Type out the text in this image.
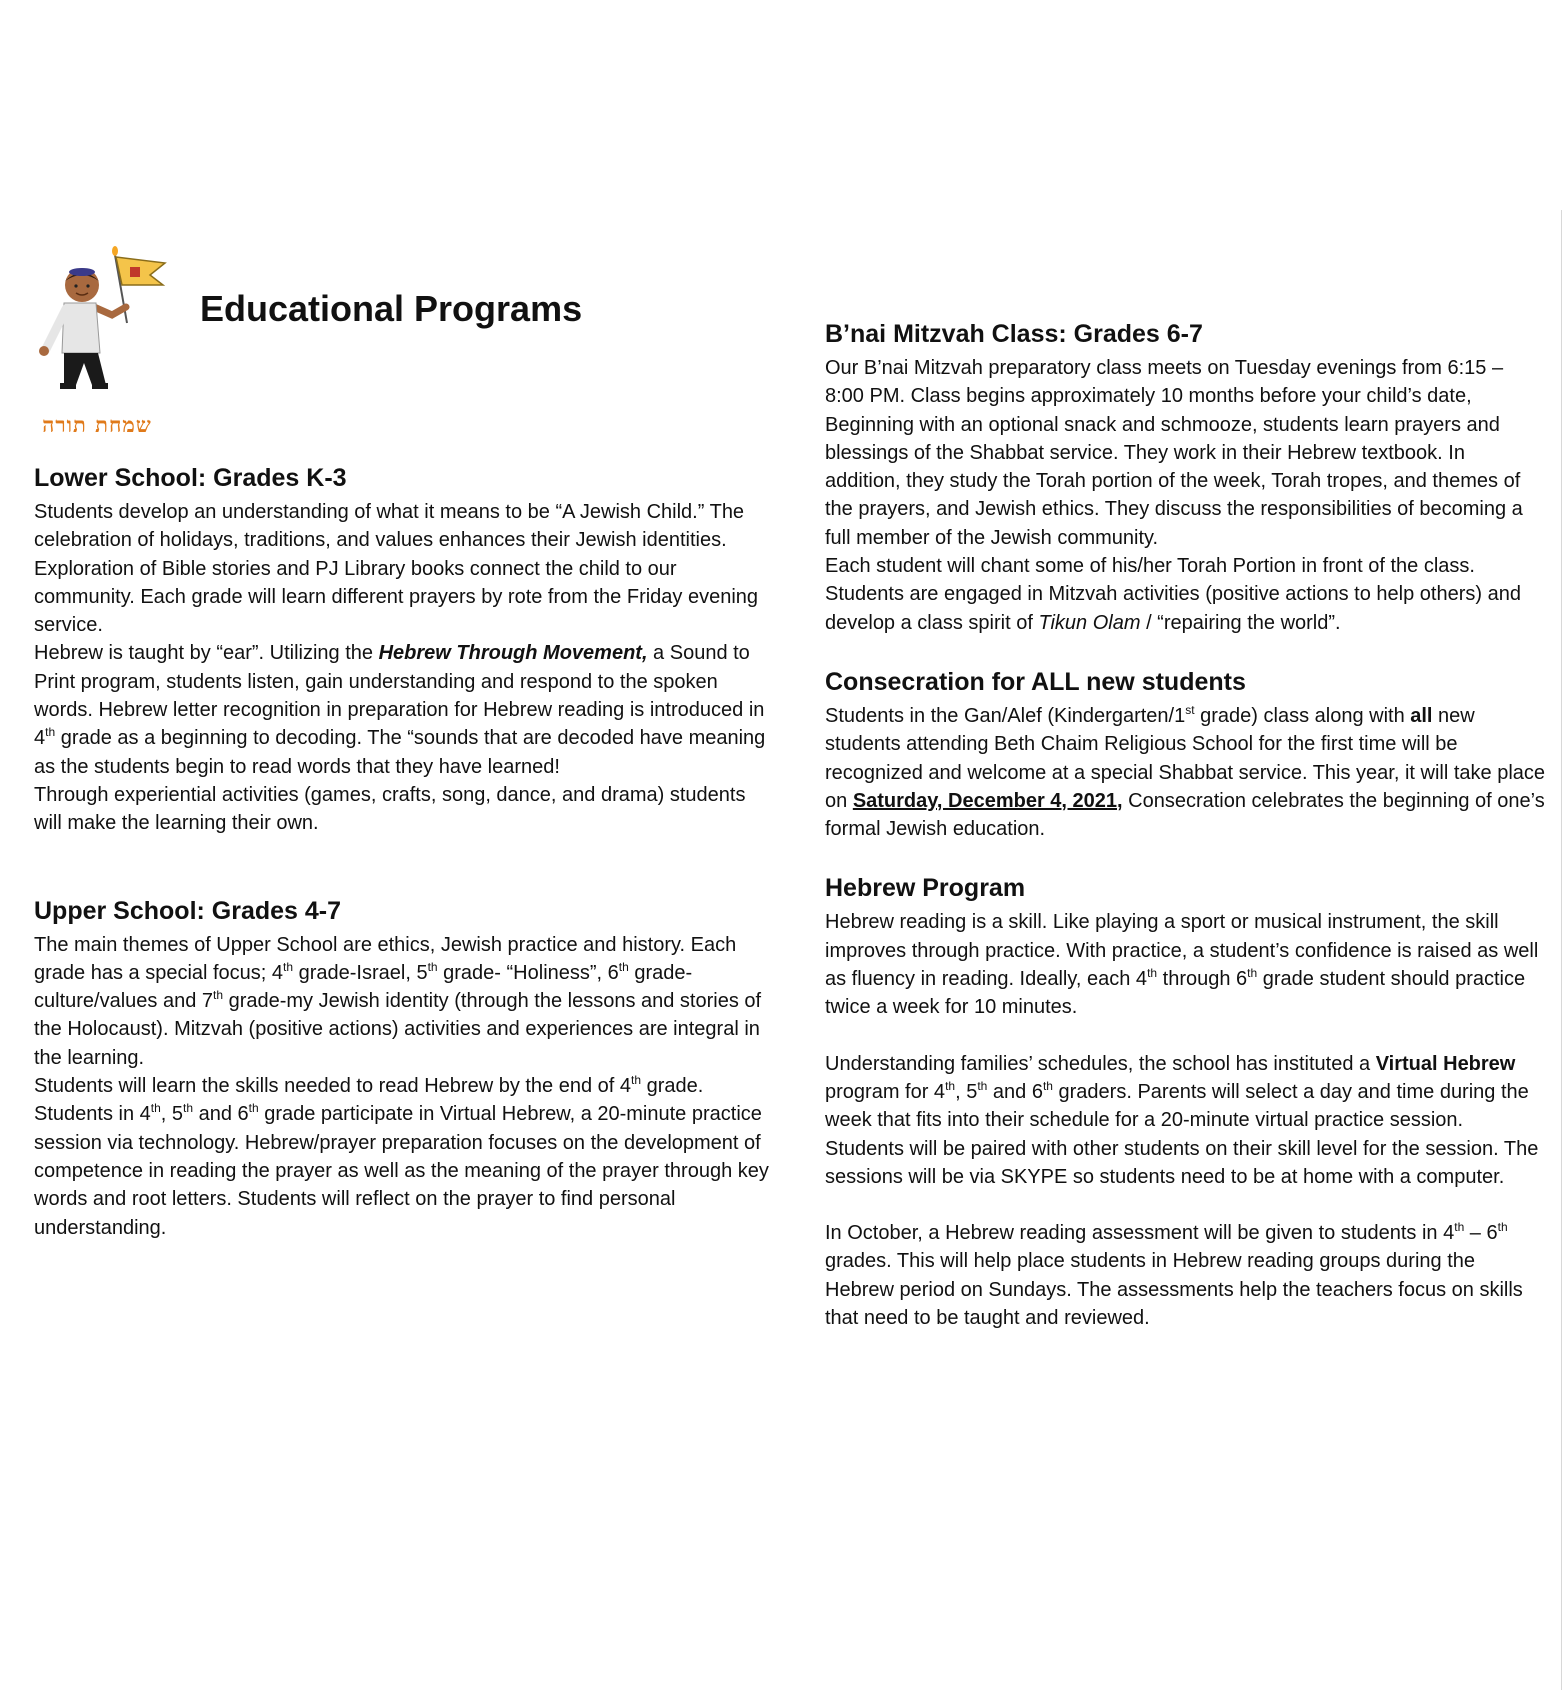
שמחת תורה
Educational Programs
Lower School: Grades K-3

Students develop an understanding of what it means to be “A Jewish Child.” The celebration of holidays, traditions, and values enhances their Jewish identities. Exploration of Bible stories and PJ Library books connect the child to our community. Each grade will learn different prayers by rote from the Friday evening service.

Hebrew is taught by “ear”. Utilizing the Hebrew Through Movement, a Sound to Print program, students listen, gain understanding and respond to the spoken words. Hebrew letter recognition in preparation for Hebrew reading is introduced in 4th grade as a beginning to decoding. The “sounds that are decoded have meaning as the students begin to read words that they have learned!

Through experiential activities (games, crafts, song, dance, and drama) students will make the learning their own.

Upper School: Grades 4-7

The main themes of Upper School are ethics, Jewish practice and history. Each grade has a special focus; 4th grade-Israel, 5th grade- “Holiness”, 6th grade-culture/values and 7th grade-my Jewish identity (through the lessons and stories of the Holocaust). Mitzvah (positive actions) activities and experiences are integral in the learning.

Students will learn the skills needed to read Hebrew by the end of 4th grade. Students in 4th, 5th and 6th grade participate in Virtual Hebrew, a 20-minute practice session via technology. Hebrew/prayer preparation focuses on the development of competence in reading the prayer as well as the meaning of the prayer through key words and root letters. Students will reflect on the prayer to find personal understanding.

B’nai Mitzvah Class: Grades 6-7

Our B’nai Mitzvah preparatory class meets on Tuesday evenings from 6:15 – 8:00 PM. Class begins approximately 10 months before your child’s date, Beginning with an optional snack and schmooze, students learn prayers and blessings of the Shabbat service. They work in their Hebrew textbook. In addition, they study the Torah portion of the week, Torah tropes, and themes of the prayers, and Jewish ethics. They discuss the responsibilities of becoming a full member of the Jewish community.

Each student will chant some of his/her Torah Portion in front of the class. Students are engaged in Mitzvah activities (positive actions to help others) and develop a class spirit of Tikun Olam / “repairing the world”.

Consecration for ALL new students

Students in the Gan/Alef (Kindergarten/1st grade) class along with all new students attending Beth Chaim Religious School for the first time will be recognized and welcome at a special Shabbat service. This year, it will take place on Saturday, December 4, 2021, Consecration celebrates the beginning of one’s formal Jewish education.

Hebrew Program

Hebrew reading is a skill. Like playing a sport or musical instrument, the skill improves through practice. With practice, a student’s confidence is raised as well as fluency in reading. Ideally, each 4th through 6th grade student should practice twice a week for 10 minutes.

Understanding families’ schedules, the school has instituted a Virtual Hebrew program for 4th, 5th and 6th graders. Parents will select a day and time during the week that fits into their schedule for a 20-minute virtual practice session. Students will be paired with other students on their skill level for the session. The sessions will be via SKYPE so students need to be at home with a computer.

In October, a Hebrew reading assessment will be given to students in 4th – 6th grades. This will help place students in Hebrew reading groups during the Hebrew period on Sundays. The assessments help the teachers focus on skills that need to be taught and reviewed.
